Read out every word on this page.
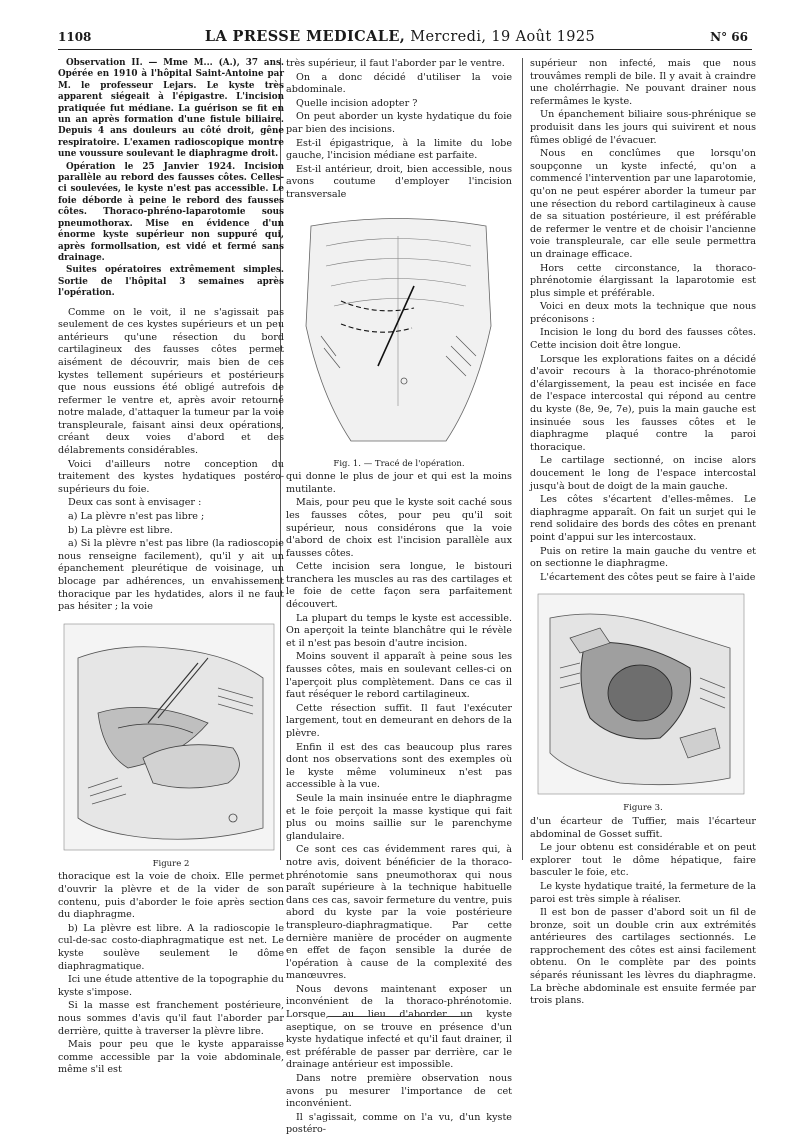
1108	LA PRESSE MEDICALE, Mercredi, 19 Août 1925	N° 66

Observation II. — Mme M... (A.), 37 ans. Opérée en 1910 à l'hôpital Saint-Antoine par M. le professeur Lejars. Le kyste très apparent siégeait à l'épigastre. L'incision pratiquée fut médiane. La guérison se fit en un an après formation d'une fistule biliaire. Depuis 4 ans douleurs au côté droit, gêne respiratoire. L'examen radioscopique montre une voussure soulevant le diaphragme droit.

Opération le 25 Janvier 1924. Incision parallèle au rebord des fausses côtes. Celles-ci soulevées, le kyste n'est pas accessible. Le foie déborde à peine le rebord des fausses côtes. Thoraco-phréno-laparotomie sous pneumothorax. Mise en évidence d'un énorme kyste supérieur non suppuré qui, après formollsation, est vidé et fermé sans drainage.

Suites opératoires extrêmement simples. Sortie de l'hôpital 3 semaines après l'opération.

Comme on le voit, il ne s'agissait pas seulement de ces kystes supérieurs et un peu antérieurs qu'une résection du bord cartilagineux des fausses côtes permet aisément de découvrir, mais bien de ces kystes tellement supérieurs et postérieurs que nous eussions été obligé autrefois de refermer le ventre et, après avoir retourné notre malade, d'attaquer la tumeur par la voie transpleurale, faisant ainsi deux opérations, créant deux voies d'abord et des délabrements considérables.

Voici d'ailleurs notre conception du traitement des kystes hydatiques postéro-supérieurs du foie.

Deux cas sont à envisager :

a) La plèvre n'est pas libre ;

b) La plèvre est libre.

a) Si la plèvre n'est pas libre (la radioscopie nous renseigne facilement), qu'il y ait un épanchement pleurétique de voisinage, un blocage par adhérences, un envahissement thoracique par les hydatides, alors il ne faut pas hésiter ; la voie

Figure 2

thoracique est la voie de choix. Elle permet d'ouvrir la plèvre et de la vider de son contenu, puis d'aborder le foie après section du diaphragme.

b) La plèvre est libre. A la radioscopie le cul-de-sac costo-diaphragmatique est net. Le kyste soulève seulement le dôme diaphragmatique.

Ici une étude attentive de la topographie du kyste s'impose.

Si la masse est franchement postérieure, nous sommes d'avis qu'il faut l'aborder par derrière, quitte à traverser la plèvre libre.

Mais pour peu que le kyste apparaisse comme accessible par la voie abdominale, même s'il est

très supérieur, il faut l'aborder par le ventre.

On a donc décidé d'utiliser la voie abdominale.

Quelle incision adopter ?

On peut aborder un kyste hydatique du foie par bien des incisions.

Est-il épigastrique, à la limite du lobe gauche, l'incision médiane est parfaite.

Est-il antérieur, droit, bien accessible, nous avons coutume d'employer l'incision transversale

Fig. 1. — Tracé de l'opération.

qui donne le plus de jour et qui est la moins mutilante.

Mais, pour peu que le kyste soit caché sous les fausses côtes, pour peu qu'il soit supérieur, nous considérons que la voie d'abord de choix est l'incision parallèle aux fausses côtes.

Cette incision sera longue, le bistouri tranchera les muscles au ras des cartilages et le foie de cette façon sera parfaitement découvert.

La plupart du temps le kyste est accessible. On aperçoit la teinte blanchâtre qui le révèle et il n'est pas besoin d'autre incision.

Moins souvent il apparaît à peine sous les fausses côtes, mais en soulevant celles-ci on l'aperçoit plus complètement. Dans ce cas il faut réséquer le rebord cartilagineux.

Cette résection suffit. Il faut l'exécuter largement, tout en demeurant en dehors de la plèvre.

Enfin il est des cas beaucoup plus rares dont nos observations sont des exemples où le kyste même volumineux n'est pas accessible à la vue.

Seule la main insinuée entre le diaphragme et le foie perçoit la masse kystique qui fait plus ou moins saillie sur le parenchyme glandulaire.

Ce sont ces cas évidemment rares qui, à notre avis, doivent bénéficier de la thoraco-phrénotomie sans pneumothorax qui nous paraît supérieure à la technique habituelle dans ces cas, savoir fermeture du ventre, puis abord du kyste par la voie postérieure transpleuro-diaphragmatique. Par cette dernière manière de procéder on augmente en effet de façon sensible la durée de l'opération à cause de la complexité des manœuvres.

Nous devons maintenant exposer un inconvénient de la thoraco-phrénotomie. Lorsque, au lieu d'aborder un kyste aseptique, on se trouve en présence d'un kyste hydatique infecté et qu'il faut drainer, il est préférable de passer par derrière, car le drainage antérieur est impossible.

Dans notre première observation nous avons pu mesurer l'importance de cet inconvénient.

Il s'agissait, comme on l'a vu, d'un kyste postéro-

supérieur non infecté, mais que nous trouvâmes rempli de bile. Il y avait à craindre une cholérrhagie. Ne pouvant drainer nous refermâmes le kyste.

Un épanchement biliaire sous-phrénique se produisit dans les jours qui suivirent et nous fûmes obligé de l'évacuer.

Nous en conclûmes que lorsqu'on soupçonne un kyste infecté, qu'on a commencé l'intervention par une laparotomie, qu'on ne peut espérer aborder la tumeur par une résection du rebord cartilagineux à cause de sa situation postérieure, il est préférable de refermer le ventre et de choisir l'ancienne voie transpleurale, car elle seule permettra un drainage efficace.

Hors cette circonstance, la thoraco-phrénotomie élargissant la laparotomie est plus simple et préférable.

Voici en deux mots la technique que nous préconisons :

Incision le long du bord des fausses côtes. Cette incision doit être longue.

Lorsque les explorations faites on a décidé d'avoir recours à la thoraco-phrénotomie d'élargissement, la peau est incisée en face de l'espace intercostal qui répond au centre du kyste (8e, 9e, 7e), puis la main gauche est insinuée sous les fausses côtes et le diaphragme plaqué contre la paroi thoracique.

Le cartilage sectionné, on incise alors doucement le long de l'espace intercostal jusqu'à bout de doigt de la main gauche.

Les côtes s'écartent d'elles-mêmes. Le diaphragme apparaît. On fait un surjet qui le rend solidaire des bords des côtes en prenant point d'appui sur les intercostaux.

Puis on retire la main gauche du ventre et on sectionne le diaphragme.

L'écartement des côtes peut se faire à l'aide

Figure 3.

d'un écarteur de Tuffier, mais l'écarteur abdominal de Gosset suffit.

Le jour obtenu est considérable et on peut explorer tout le dôme hépatique, faire basculer le foie, etc.

Le kyste hydatique traité, la fermeture de la paroi est très simple à réaliser.

Il est bon de passer d'abord soit un fil de bronze, soit un double crin aux extrémités antérieures des cartilages sectionnés. Le rapprochement des côtes est ainsi facilement obtenu. On le complète par des points séparés réunissant les lèvres du diaphragme. La brèche abdominale est ensuite fermée par trois plans.
